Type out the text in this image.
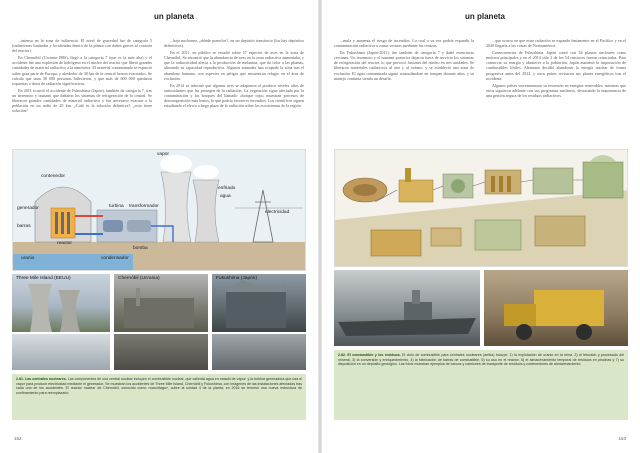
un planeta

...intensa en la zona de influencia. El nivel de gravedad fue de categoría 5 (radiaciones limitadas y localizadas dentro de la planta con daños graves al corazón del reactor).

En Chernóbil (Ucrania-1986), llegó a la categoría 7 (que es la más alta) y el accidente fue una explosión de hidrógeno en el núcleo del reactor que liberó grandes cantidades de material radiactivo a la atmósfera. El material contaminado se esparció sobre gran parte de Europa, y alrededor de 30 km de la central fueron evacuados. Se calcula que unas 30 000 personas fallecieron, y que más de 600 000 quedaron expuestas a dosis de radiación significativas.

En 2011 ocurrió el accidente de Fukushima (Japón), también de categoría 7, tras un terremoto y tsunami que dañaron los sistemas de refrigeración de la central. Se liberaron grandes cantidades de material radiactivo y fue necesario evacuar a la población en un radio de 20 km. ¿Cuál es la solución definitiva?, ¿esto tiene solución?

...baja nuclearea, ¿dónde ponerlos?, en un depósito transitorio (los hay depósitos definitivos).

En el 2011, en público se estudió sobre 57 especies de aves en la zona de Chernóbil. Se encontró que la abundancia de aves en la zona radiactiva aumentaba, y que la radiactividad afecta a la producción de melanina, que da color a las plumas, alterando su capacidad reproductiva. Algunos animales han ocupado la zona tras el abandono humano, con especies en peligro que encuentran refugio en el área de exclusión.

En 2014 se informó que algunas aves se adaptaron al producir niveles altos de antioxidantes que las protegen de la radiación. La vegetación sigue afectada por la contaminación y los bosques del llamado «bosque rojo» muestran procesos de descomposición más lentos, lo que podría favorecer incendios. Los científicos siguen estudiando el efecto a largo plazo de la radiación sobre los ecosistemas de la región.

vapor
enfriado
agua
contenedor
generador	turbina transformador
reactor
electricidad
barras
bomba
condensador
uranio
Three Mile Island (EEUU)	Chernóbil (Ucrania)	Fukushima (Japón)
2.81. Las centrales nucleares. Las componentes de una central nuclear incluyen el combustible nuclear, que calienta agua en estado de vapor, y la turbina generadora que usa el vapor para producir electricidad mediante el generador. Se muestran los accidentes de Three Mile Island, Chernóbil y Fukushima, con imágenes de las instalaciones afectadas tras cada uno de los accidentes. El reactor nuclear de Chernóbil, conocido como «sarcófago», cubre la unidad 4 de la planta; en 2016 se terminó una nueva estructura de confinamiento para reemplazarlo.
162
un planeta

...mula y aumenta el riesgo de incendios. Lo cual a su vez podría expandir la contaminación radiactiva a zonas vecinas mediante las cenizas.

En Fukushima (Japón-2011), fue también de categoría 7 y dañó estructuras cercanas. Un terremoto y el tsunami posterior dejaron fuera de servicio los sistemas de refrigeración del reactor, lo que provocó fusiones del núcleo en tres unidades. Se liberaron materiales radiactivos al aire y al océano, y se estableció una zona de exclusión. El agua contaminada siguió acumulándose en tanques durante años, y su manejo continúa siendo un desafío.

...que ocurra en que estar radiación se expande lentamente en el Pacífico y en el 2020 llegaría a las costas de Norteamérica.

Consecuencias de Fukushima. Japón contó con 54 plantas nucleares como motivos principales y en el 2014 sólo 2 de los 54 reactores fueron reiniciados. Para conservar su energía y abastecer a la población, Japón aumentó la importación de combustibles fósiles. Alemania decidió abandonar la energía nuclear de forma progresiva antes del 2022, y otros países revisaron sus planes energéticos tras el accidente.

Algunos países incrementaron su inversión en energías renovables, mientras que otros siguieron adelante con sus programas nucleares, destacando la importancia de una gestión segura de los residuos radiactivos.

2.82. El combustible y los residuos. El ciclo de combustible para centrales nucleares (arriba) incluye: 1) la explotación de uranio en la mina, 2) el triturado y procesado del mineral, 3) la conversión y enriquecimiento, 4) la fabricación de barras de combustible, 5) su uso en el reactor, 6) el almacenamiento temporal de residuos en piscinas y 7) su disposición en un depósito geológico. Las fotos muestran ejemplos de barcos y camiones de transporte de residuos y contenedores de almacenamiento.
163
